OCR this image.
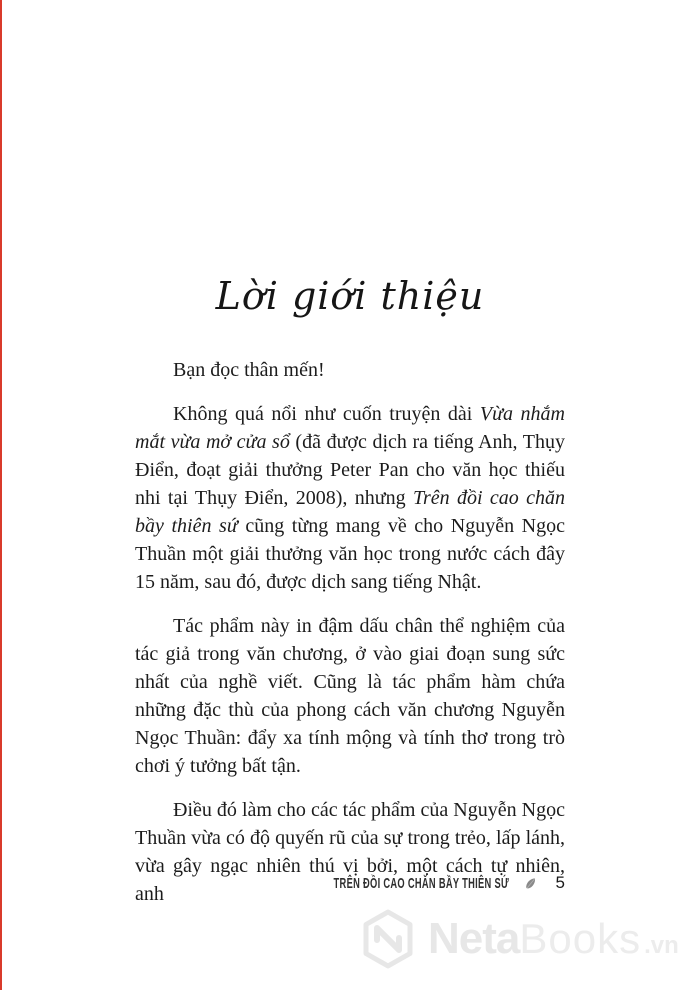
Lời giới thiệu

Bạn đọc thân mến!

Không quá nổi như cuốn truyện dài Vừa nhắm mắt vừa mở cửa sổ (đã được dịch ra tiếng Anh, Thụy Điển, đoạt giải thưởng Peter Pan cho văn học thiếu nhi tại Thụy Điển, 2008), nhưng Trên đồi cao chăn bầy thiên sứ cũng từng mang về cho Nguyễn Ngọc Thuần một giải thưởng văn học trong nước cách đây 15 năm, sau đó, được dịch sang tiếng Nhật.

Tác phẩm này in đậm dấu chân thể nghiệm của tác giả trong văn chương, ở vào giai đoạn sung sức nhất của nghề viết. Cũng là tác phẩm hàm chứa những đặc thù của phong cách văn chương Nguyễn Ngọc Thuần: đẩy xa tính mộng và tính thơ trong trò chơi ý tưởng bất tận.

Điều đó làm cho các tác phẩm của Nguyễn Ngọc Thuần vừa có độ quyến rũ của sự trong trẻo, lấp lánh, vừa gây ngạc nhiên thú vị bởi, một cách tự nhiên, anh	TRÊN ĐỒI CAO CHĂN BẦY THIÊN SỨ	5
Neta Books .vn
